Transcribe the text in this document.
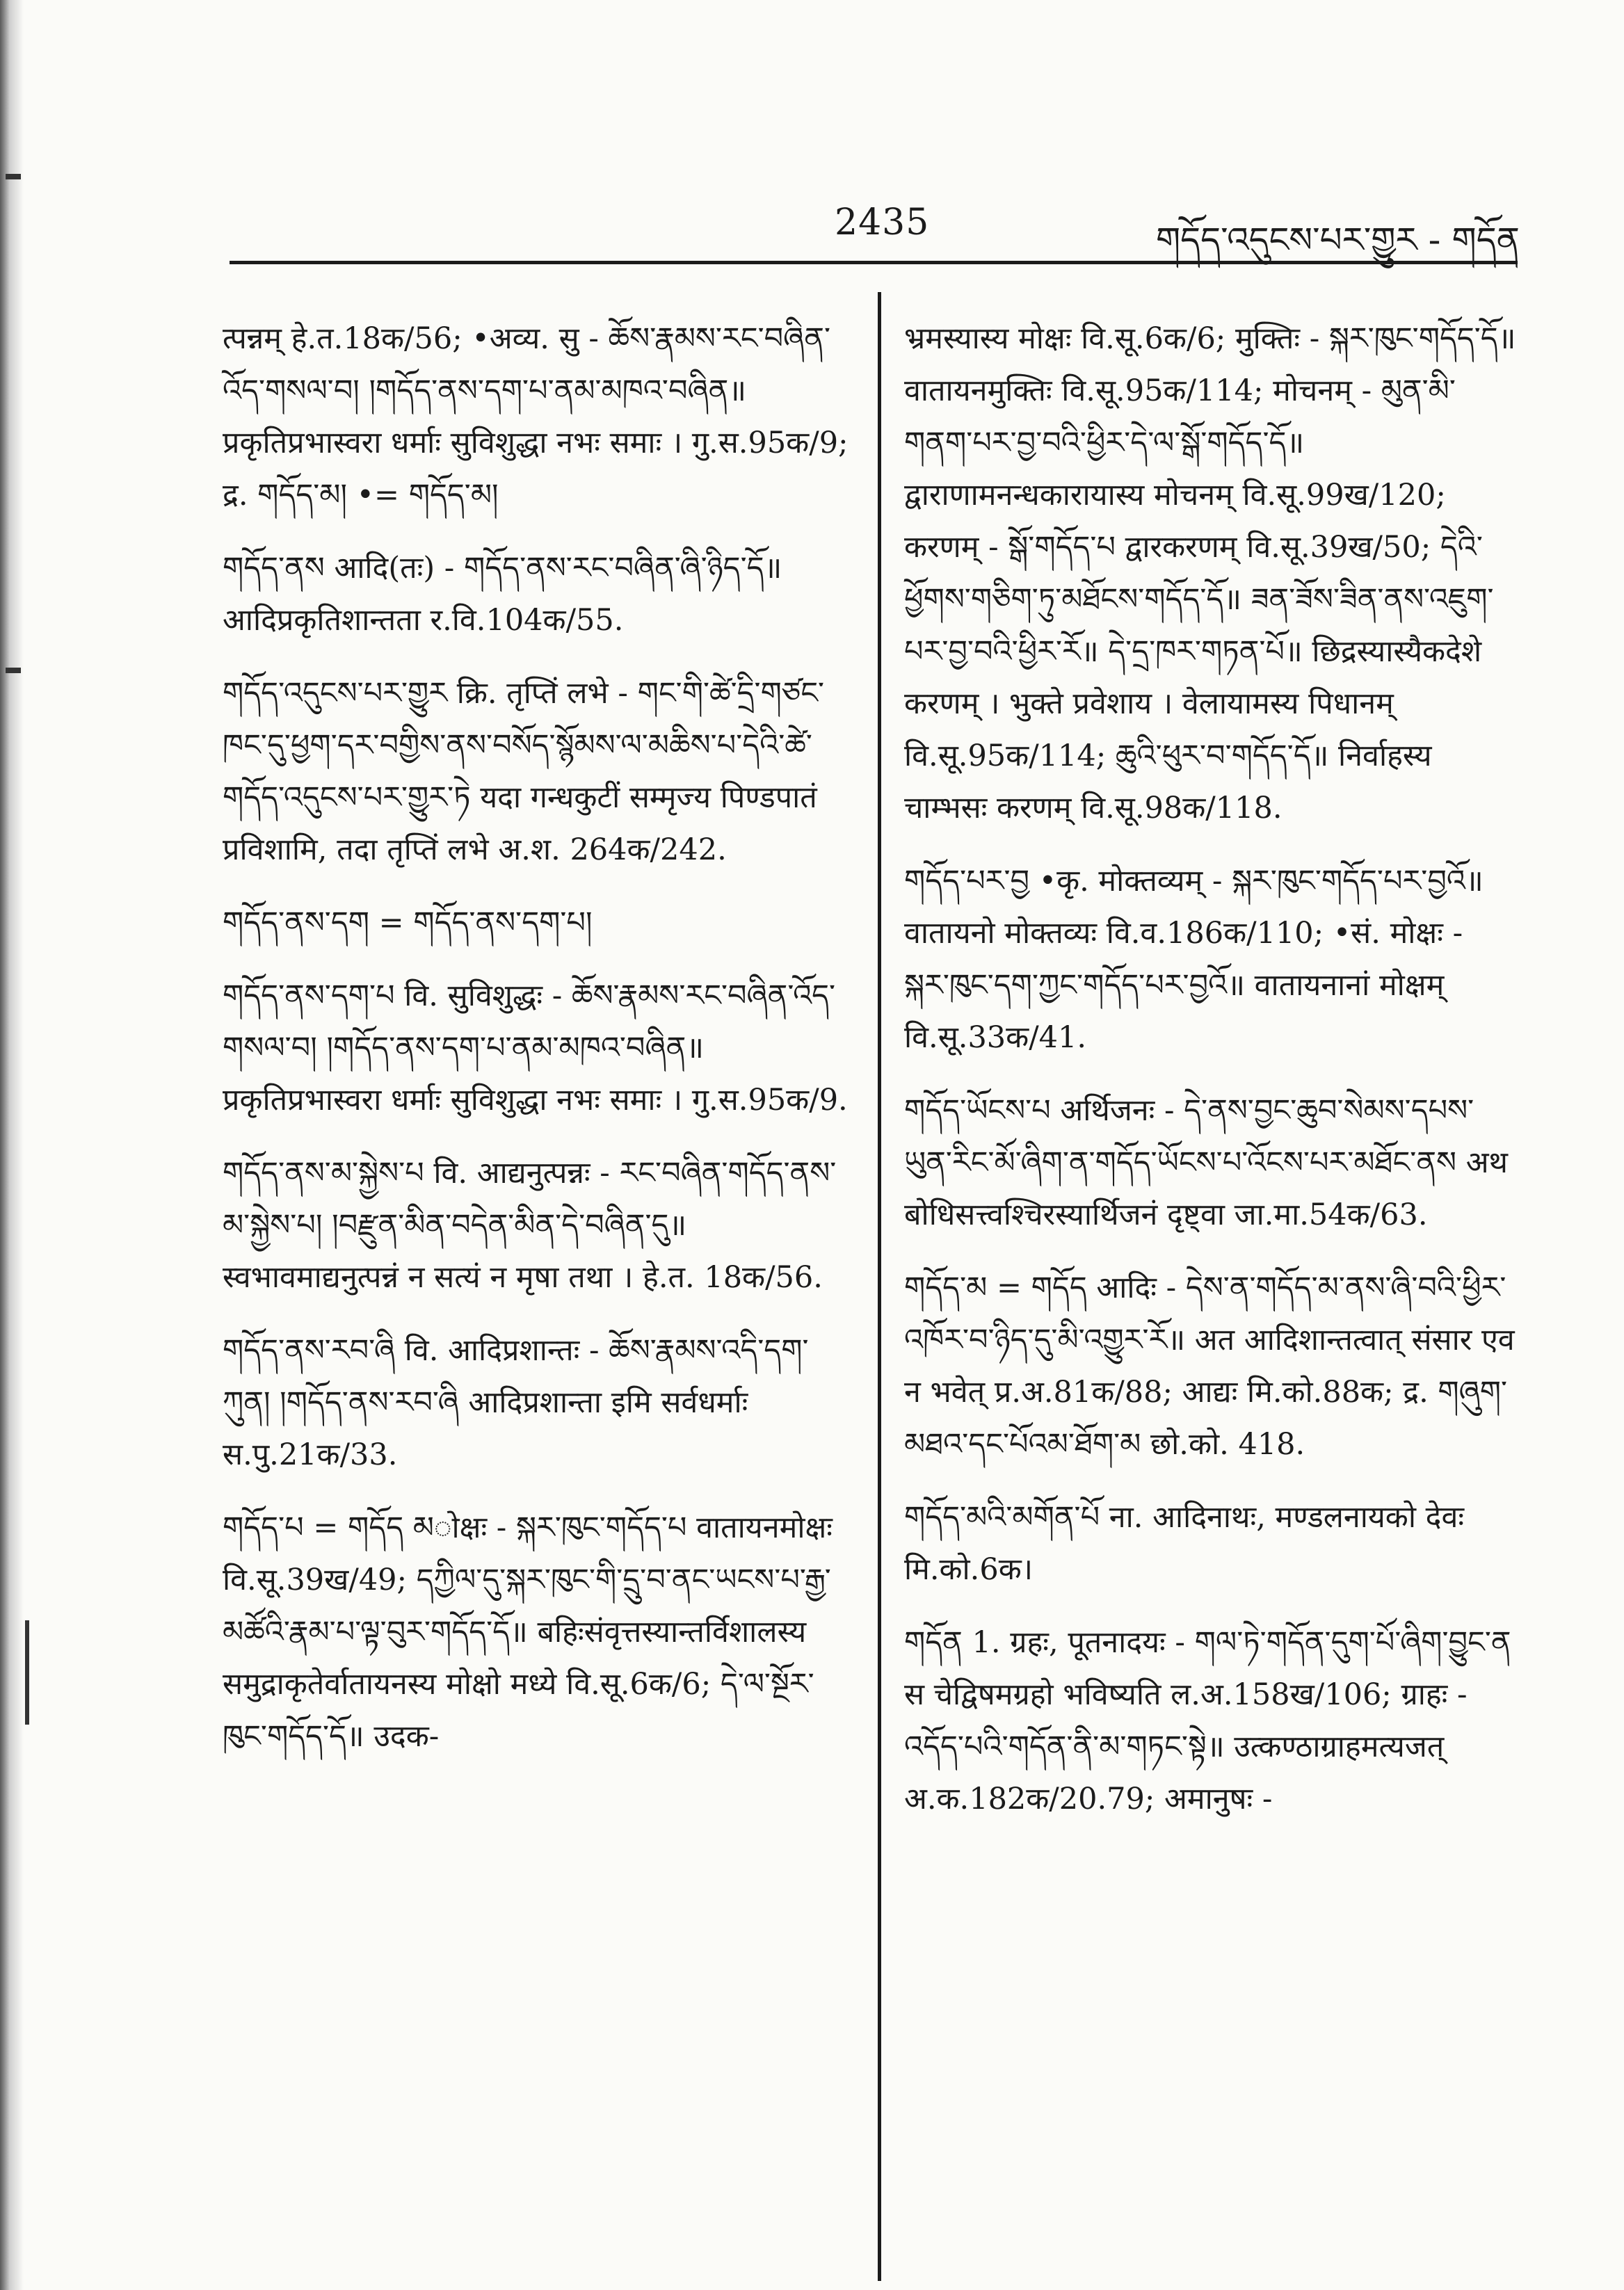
2435	གདོད་འདུངས་པར་གྱུར - གདོན
त्पन्नम् हे.त.18क/56; •अव्य. सु - ཆོས་རྣམས་རང་བཞིན་འོད་གསལ་བ། །གདོད་ནས་དག་པ་ནམ་མཁའ་བཞིན॥ प्रकृतिप्रभास्वरा धर्माः सुविशुद्धा नभः समाः । गु.स.95क/9; द्र. གདོད་མ། •= གདོད་མ།
གདོད་ནས आदि(तः) - གདོད་ནས་རང་བཞིན་ཞི་ཉིད་དོ॥ आदिप्रकृतिशान्तता र.वि.104क/55.
གདོད་འདུངས་པར་གྱུར क्रि. तृप्तिं लभे - གང་གི་ཚེ་དྲི་གཙང་ཁང་དུ་ཕྱག་དར་བགྱིས་ནས་བསོད་སྙོམས་ལ་མཆིས་པ་དེའི་ཚེ་གདོད་འདུངས་པར་གྱུར་ཏེ यदा गन्धकुटीं सम्मृज्य पिण्डपातं प्रविशामि, तदा तृप्तिं लभे अ.श. 264क/242.
གདོད་ནས་དག = གདོད་ནས་དག་པ།
གདོད་ནས་དག་པ वि. सुविशुद्धः - ཆོས་རྣམས་རང་བཞིན་འོད་གསལ་བ། །གདོད་ནས་དག་པ་ནམ་མཁའ་བཞིན॥ प्रकृतिप्रभास्वरा धर्माः सुविशुद्धा नभः समाः । गु.स.95क/9.
གདོད་ནས་མ་སྐྱེས་པ वि. आद्यनुत्पन्नः - རང་བཞིན་གདོད་ནས་མ་སྐྱེས་པ། །བརྫུན་མིན་བདེན་མིན་དེ་བཞིན་དུ॥ स्वभावमाद्यनुत्पन्नं न सत्यं न मृषा तथा । हे.त. 18क/56.
གདོད་ནས་རབ་ཞི वि. आदिप्रशान्तः - ཆོས་རྣམས་འདི་དག་ཀུན། །གདོད་ནས་རབ་ཞི आदिप्रशान्ता इमि सर्वधर्माः स.पु.21क/33.
གདོད་པ = གདོད མोक्षः - སྐར་ཁུང་གདོད་པ वातायनमोक्षः वि.सू.39ख/49; དཀྱིལ་དུ་སྐར་ཁུང་གི་དྲུ་བ་ནང་ཡངས་པ་རྒྱ་མཚོའི་རྣམ་པ་ལྟ་བུར་གདོད་དོ॥ बहिःसंवृत्तस्यान्तर्विशालस्य समुद्राकृतेर्वातायनस्य मोक्षो मध्ये वि.सू.6क/6; དེ་ལ་སྔོར་ཁུང་གདོད་དོ॥ उदक-
भ्रमस्यास्य मोक्षः वि.सू.6क/6; मुक्तिः - སྐར་ཁུང་གདོད་དོ॥ वातायनमुक्तिः वि.सू.95क/114; मोचनम् - མུན་མི་གནག་པར་བྱ་བའི་ཕྱིར་དེ་ལ་སྒོ་གདོད་དོ॥ द्वाराणामनन्धकारायास्य मोचनम् वि.सू.99ख/120; करणम् - སྒོ་གདོད་པ द्वारकरणम् वि.सू.39ख/50; དེའི་ཕྱོགས་གཅིག་ཏུ་མཐོངས་གདོད་དོ॥ ཟན་ཟོས་ཟིན་ནས་འཇུག་པར་བྱ་བའི་ཕྱིར་རོ॥ དེ་དྲ་ཁར་གཏན་པོ॥ छिद्रस्यास्यैकदेशे करणम् । भुक्ते प्रवेशाय । वेलायामस्य पिधानम् वि.सू.95क/114; ཆུའི་ཕུར་བ་གདོད་དོ॥ निर्वाहस्य चाम्भसः करणम् वि.सू.98क/118.
གདོད་པར་བྱ •कृ. मोक्तव्यम् - སྐར་ཁུང་གདོད་པར་བྱའོ॥ वातायनो मोक्तव्यः वि.व.186क/110; •सं. मोक्षः - སྐར་ཁུང་དག་ཀྱང་གདོད་པར་བྱའོ॥ वातायनानां मोक्षम् वि.सू.33क/41.
གདོད་ཡོངས་པ अर्थिजनः - དེ་ནས་བྱང་ཆུབ་སེམས་དཔས་ཡུན་རིང་མོ་ཞིག་ན་གདོད་ཡོངས་པ་འོངས་པར་མཐོང་ནས अथ बोधिसत्त्वश्चिरस्यार्थिजनं दृष्ट्वा जा.मा.54क/63.
གདོད་མ = གདོད आदिः - དེས་ན་གདོད་མ་ནས་ཞི་བའི་ཕྱིར་འཁོར་བ་ཉིད་དུ་མི་འགྱུར་རོ॥ अत आदिशान्तत्वात् संसार एव न भवेत् प्र.अ.81क/88; आद्यः मि.को.88क; द्र. གཞུག་མཐའ་དང་པོའམ་ཐོག་མ छो.को. 418.
གདོད་མའི་མགོན་པོ ना. आदिनाथः, मण्डलनायको देवः मि.को.6क।
གདོན 1. ग्रहः, पूतनादयः - གལ་ཏེ་གདོན་དུག་པོ་ཞིག་བྱུང་ན स चेद्विषमग्रहो भविष्यति ल.अ.158ख/106; ग्राहः - འདོད་པའི་གདོན་ནི་མ་གཏང་སྟེ॥ उत्कण्ठाग्राहमत्यजत् अ.क.182क/20.79; अमानुषः -
